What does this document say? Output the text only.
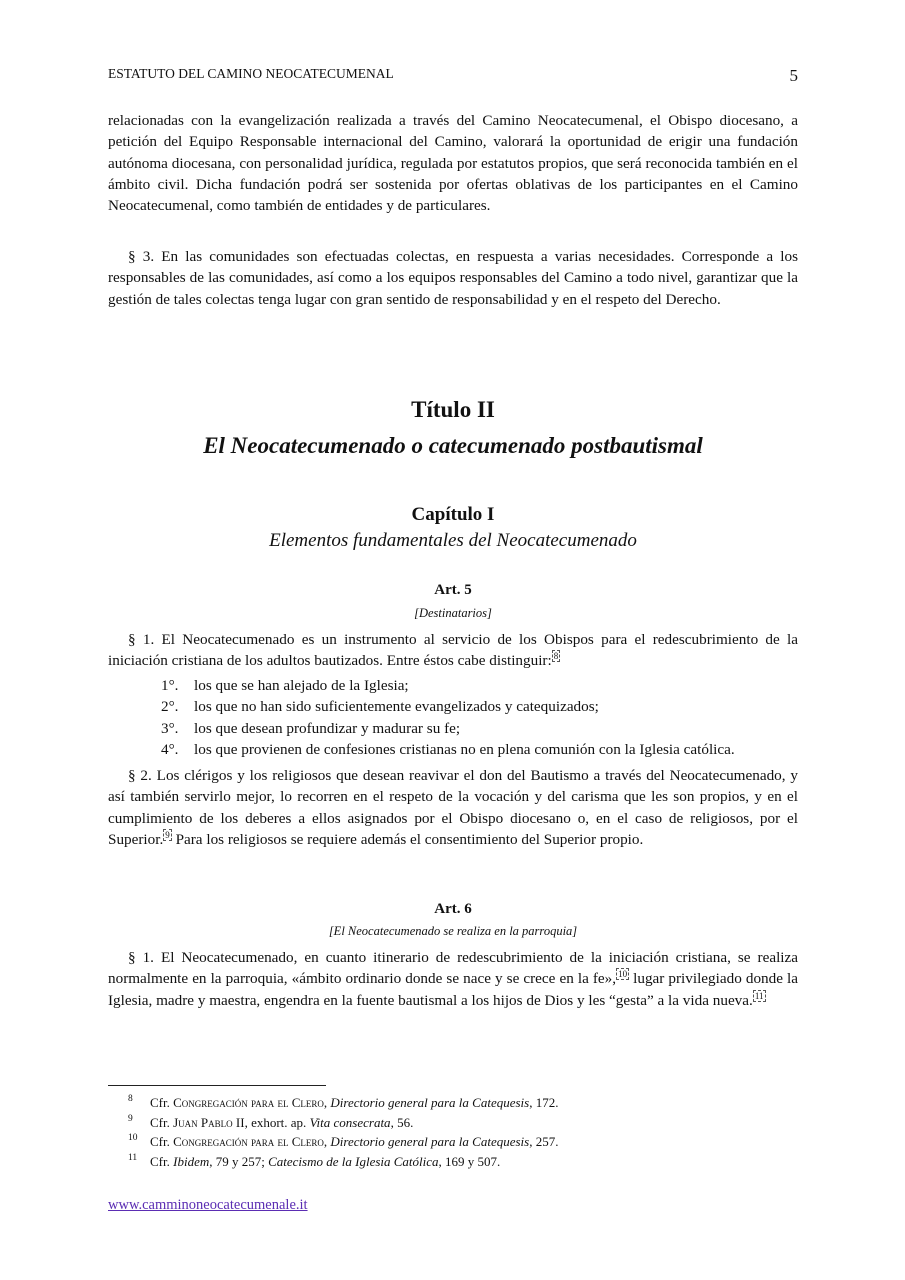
ESTATUTO DEL CAMINO NEOCATECUMENAL	5

relacionadas con la evangelización realizada a través del Camino Neocatecumenal, el Obispo diocesano, a petición del Equipo Responsable internacional del Camino, valorará la oportunidad de erigir una fundación autónoma diocesana, con personalidad jurídica, regulada por estatutos propios, que será reconocida también en el ámbito civil. Dicha fundación podrá ser sostenida por ofertas oblativas de los participantes en el Camino Neocatecumenal, como también de entidades y de particulares.

§ 3. En las comunidades son efectuadas colectas, en respuesta a varias necesidades. Corresponde a los responsables de las comunidades, así como a los equipos responsables del Camino a todo nivel, garantizar que la gestión de tales colectas tenga lugar con gran sentido de responsabilidad y en el respeto del Derecho.

Título II

El Neocatecumenado o catecumenado postbautismal

Capítulo I

Elementos fundamentales del Neocatecumenado

Art. 5

[Destinatarios]

§ 1. El Neocatecumenado es un instrumento al servicio de los Obispos para el redescubrimiento de la iniciación cristiana de los adultos bautizados. Entre éstos cabe distinguir: $^8$

1°. los que se han alejado de la Iglesia;
2°. los que no han sido suficientemente evangelizados y catequizados;
3°. los que desean profundizar y madurar su fe;
4°. los que provienen de confesiones cristianas no en plena comunión con la Iglesia católica.

§ 2. Los clérigos y los religiosos que desean reavivar el don del Bautismo a través del Neocatecumenado, y así también servirlo mejor, lo recorren en el respeto de la vocación y del carisma que les son propios, y en el cumplimiento de los deberes a ellos asignados por el Obispo diocesano o, en el caso de religiosos, por el Superior. $^9$ Para los religiosos se requiere además el consentimiento del Superior propio.

Art. 6

[El Neocatecumenado se realiza en la parroquia]

§ 1. El Neocatecumenado, en cuanto itinerario de redescubrimiento de la iniciación cristiana, se realiza normalmente en la parroquia, «ámbito ordinario donde se nace y se crece en la fe», $^{10}$ lugar privilegiado donde la Iglesia, madre y maestra, engendra en la fuente bautismal a los hijos de Dios y les “gesta” a la vida nueva. $^{11}$

8 Cfr. Congregación para el Clero, Directorio general para la Catequesis, 172.
9 Cfr. Juan Pablo II, exhort. ap. Vita consecrata, 56.
10 Cfr. Congregación para el Clero, Directorio general para la Catequesis, 257.
11 Cfr. Ibidem, 79 y 257; Catecismo de la Iglesia Católica, 169 y 507.
www.camminoneocatecumenale.it
